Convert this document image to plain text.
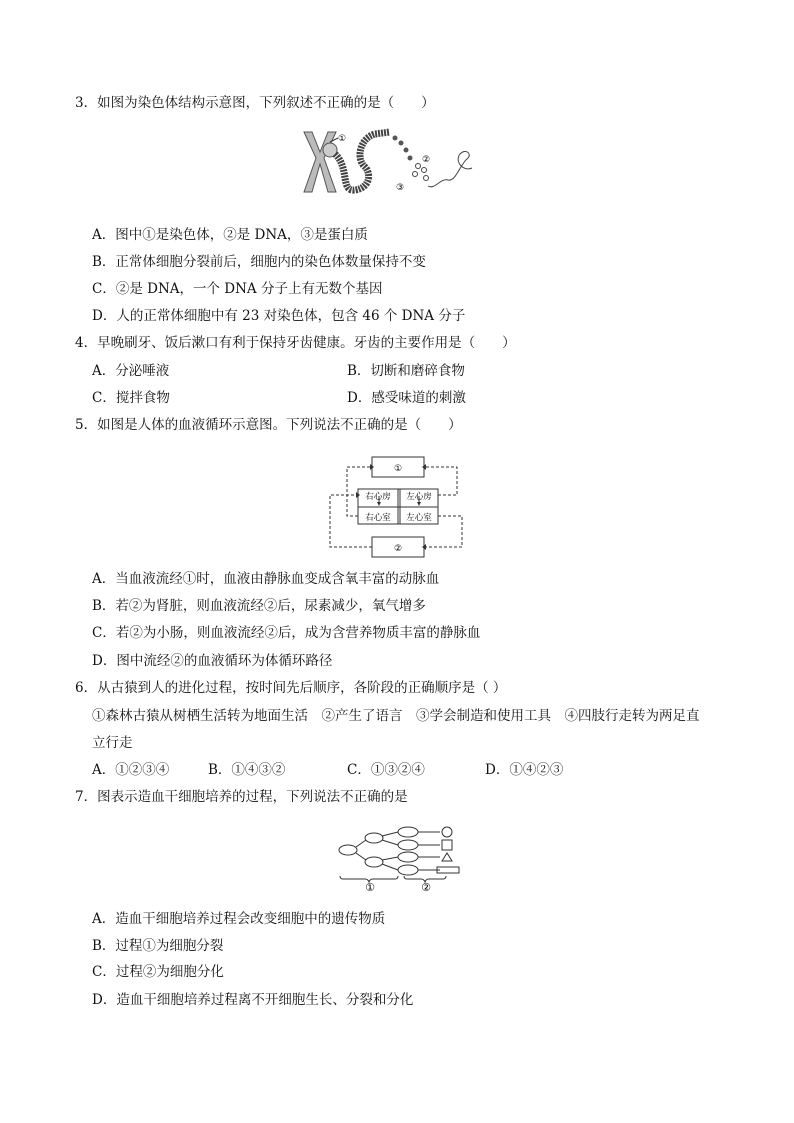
3．如图为染色体结构示意图，下列叙述不正确的是（　　）
①
②
③
A．图中①是染色体，②是 DNA，③是蛋白质
B．正常体细胞分裂前后，细胞内的染色体数量保持不变
C．②是 DNA，一个 DNA 分子上有无数个基因
D．人的正常体细胞中有 23 对染色体，包含 46 个 DNA 分子
4．早晚刷牙、饭后漱口有利于保持牙齿健康。牙齿的主要作用是（　　）
A．分泌唾液	B．切断和磨碎食物
C．搅拌食物	D．感受味道的刺激
5．如图是人体的血液循环示意图。下列说法不正确的是（　　）
①
②
右心房
右心室
左心房
左心室
A．当血液流经①时，血液由静脉血变成含氧丰富的动脉血
B．若②为肾脏，则血液流经②后，尿素减少，氧气增多
C．若②为小肠，则血液流经②后，成为含营养物质丰富的静脉血
D．图中流经②的血液循环为体循环路径
6．从古猿到人的进化过程，按时间先后顺序，各阶段的正确顺序是（ ）
①森林古猿从树栖生活转为地面生活　②产生了语言　③学会制造和使用工具　④四肢行走转为两足直
立行走
A．①②③④	B．①④③②	C．①③②④	D．①④②③
7．图表示造血干细胞培养的过程，下列说法不正确的是
①	②
A．造血干细胞培养过程会改变细胞中的遗传物质
B．过程①为细胞分裂
C．过程②为细胞分化
D．造血干细胞培养过程离不开细胞生长、分裂和分化
